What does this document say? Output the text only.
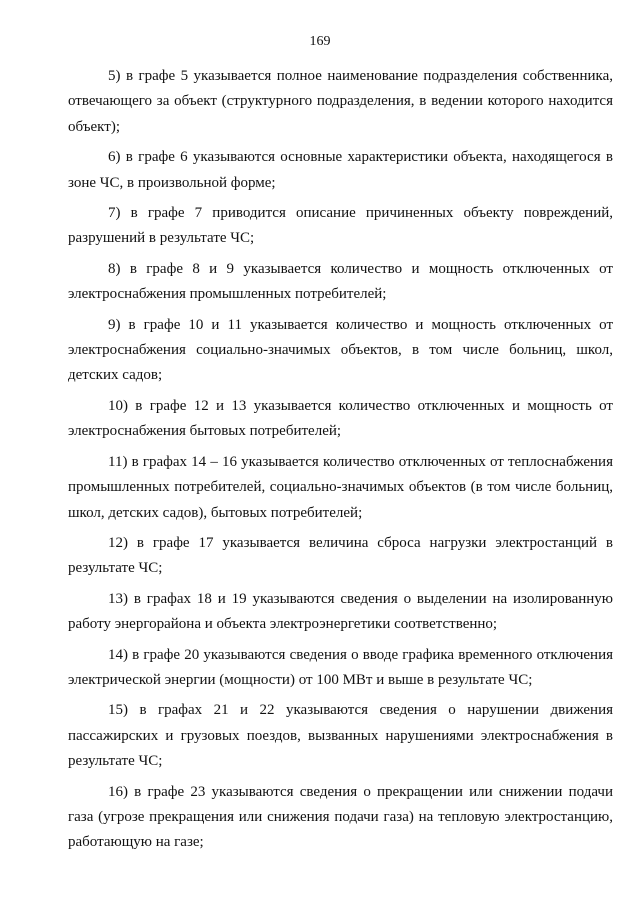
169

5) в графе 5 указывается полное наименование подразделения собственника, отвечающего за объект (структурного подразделения, в ведении которого находится объект);

6) в графе 6 указываются основные характеристики объекта, находящегося в зоне ЧС, в произвольной форме;

7) в графе 7 приводится описание причиненных объекту повреждений, разрушений в результате ЧС;

8) в графе 8 и 9 указывается количество и мощность отключенных от электроснабжения промышленных потребителей;

9) в графе 10 и 11 указывается количество и мощность отключенных от электроснабжения социально-значимых объектов, в том числе больниц, школ, детских садов;

10) в графе 12 и 13 указывается количество отключенных и мощность от электроснабжения бытовых потребителей;

11) в графах 14 – 16 указывается количество отключенных от теплоснабжения промышленных потребителей, социально-значимых объектов (в том числе больниц, школ, детских садов), бытовых потребителей;

12) в графе 17 указывается величина сброса нагрузки электростанций в результате ЧС;

13) в графах 18 и 19 указываются сведения о выделении на изолированную работу энергорайона и объекта электроэнергетики соответственно;

14) в графе 20 указываются сведения о вводе графика временного отключения электрической энергии (мощности) от 100 МВт и выше в результате ЧС;

15) в графах 21 и 22 указываются сведения о нарушении движения пассажирских и грузовых поездов, вызванных нарушениями электроснабжения в результате ЧС;

16) в графе 23 указываются сведения о прекращении или снижении подачи газа (угрозе прекращения или снижения подачи газа) на тепловую электростанцию, работающую на газе;
